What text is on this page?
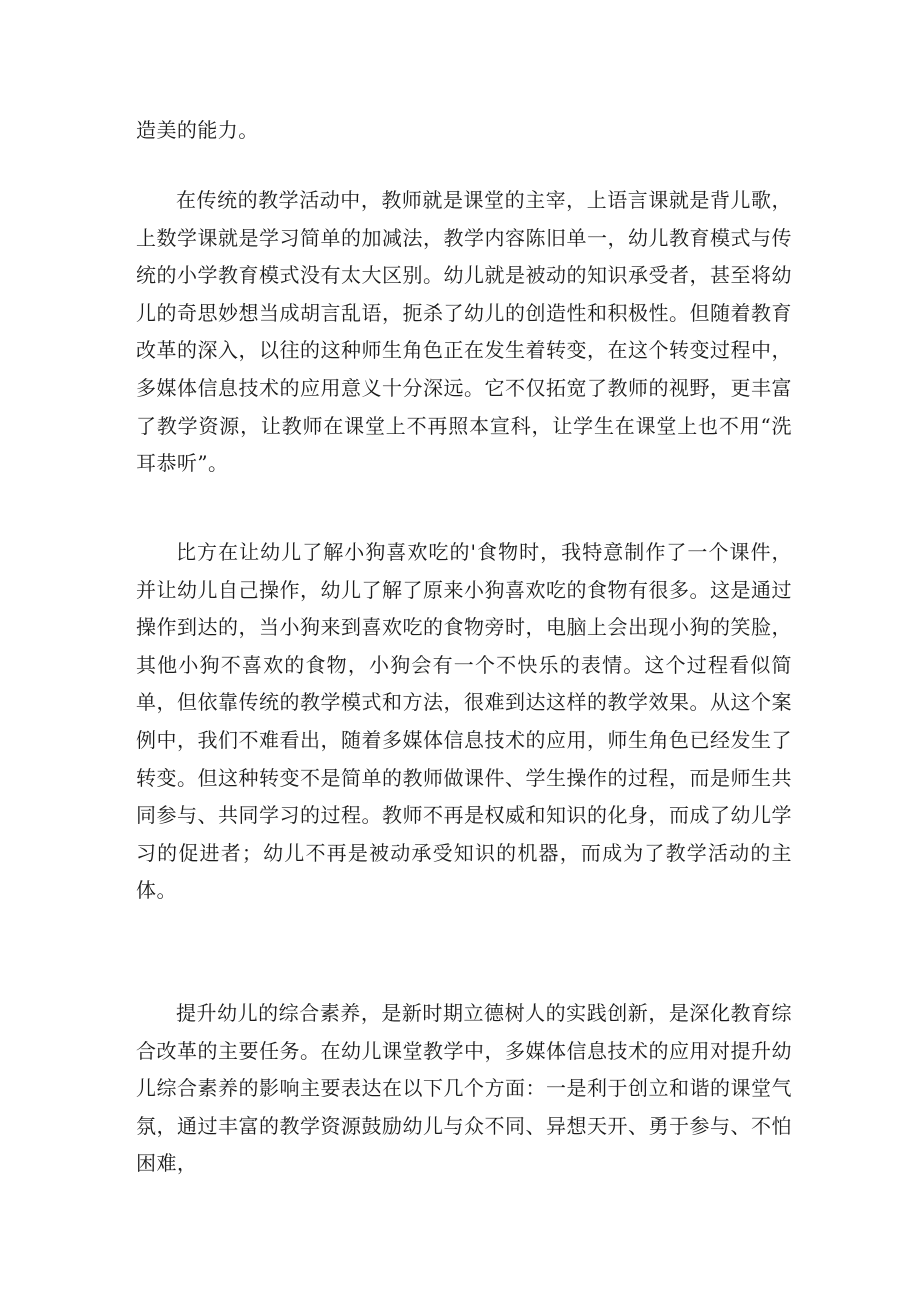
造美的能力。

在传统的教学活动中，教师就是课堂的主宰，上语言课就是背儿歌，上数学课就是学习简单的加减法，教学内容陈旧单一，幼儿教育模式与传统的小学教育模式没有太大区别。幼儿就是被动的知识承受者，甚至将幼儿的奇思妙想当成胡言乱语，扼杀了幼儿的创造性和积极性。但随着教育改革的深入，以往的这种师生角色正在发生着转变，在这个转变过程中，多媒体信息技术的应用意义十分深远。它不仅拓宽了教师的视野，更丰富了教学资源，让教师在课堂上不再照本宣科，让学生在课堂上也不用“洗耳恭听”。

比方在让幼儿了解小狗喜欢吃的'食物时，我特意制作了一个课件，并让幼儿自己操作，幼儿了解了原来小狗喜欢吃的食物有很多。这是通过操作到达的，当小狗来到喜欢吃的食物旁时，电脑上会出现小狗的笑脸，其他小狗不喜欢的食物，小狗会有一个不快乐的表情。这个过程看似简单，但依靠传统的教学模式和方法，很难到达这样的教学效果。从这个案例中，我们不难看出，随着多媒体信息技术的应用，师生角色已经发生了转变。但这种转变不是简单的教师做课件、学生操作的过程，而是师生共同参与、共同学习的过程。教师不再是权威和知识的化身，而成了幼儿学习的促进者；幼儿不再是被动承受知识的机器，而成为了教学活动的主体。

提升幼儿的综合素养，是新时期立德树人的实践创新，是深化教育综合改革的主要任务。在幼儿课堂教学中，多媒体信息技术的应用对提升幼儿综合素养的影响主要表达在以下几个方面：一是利于创立和谐的课堂气氛，通过丰富的教学资源鼓励幼儿与众不同、异想天开、勇于参与、不怕困难，
